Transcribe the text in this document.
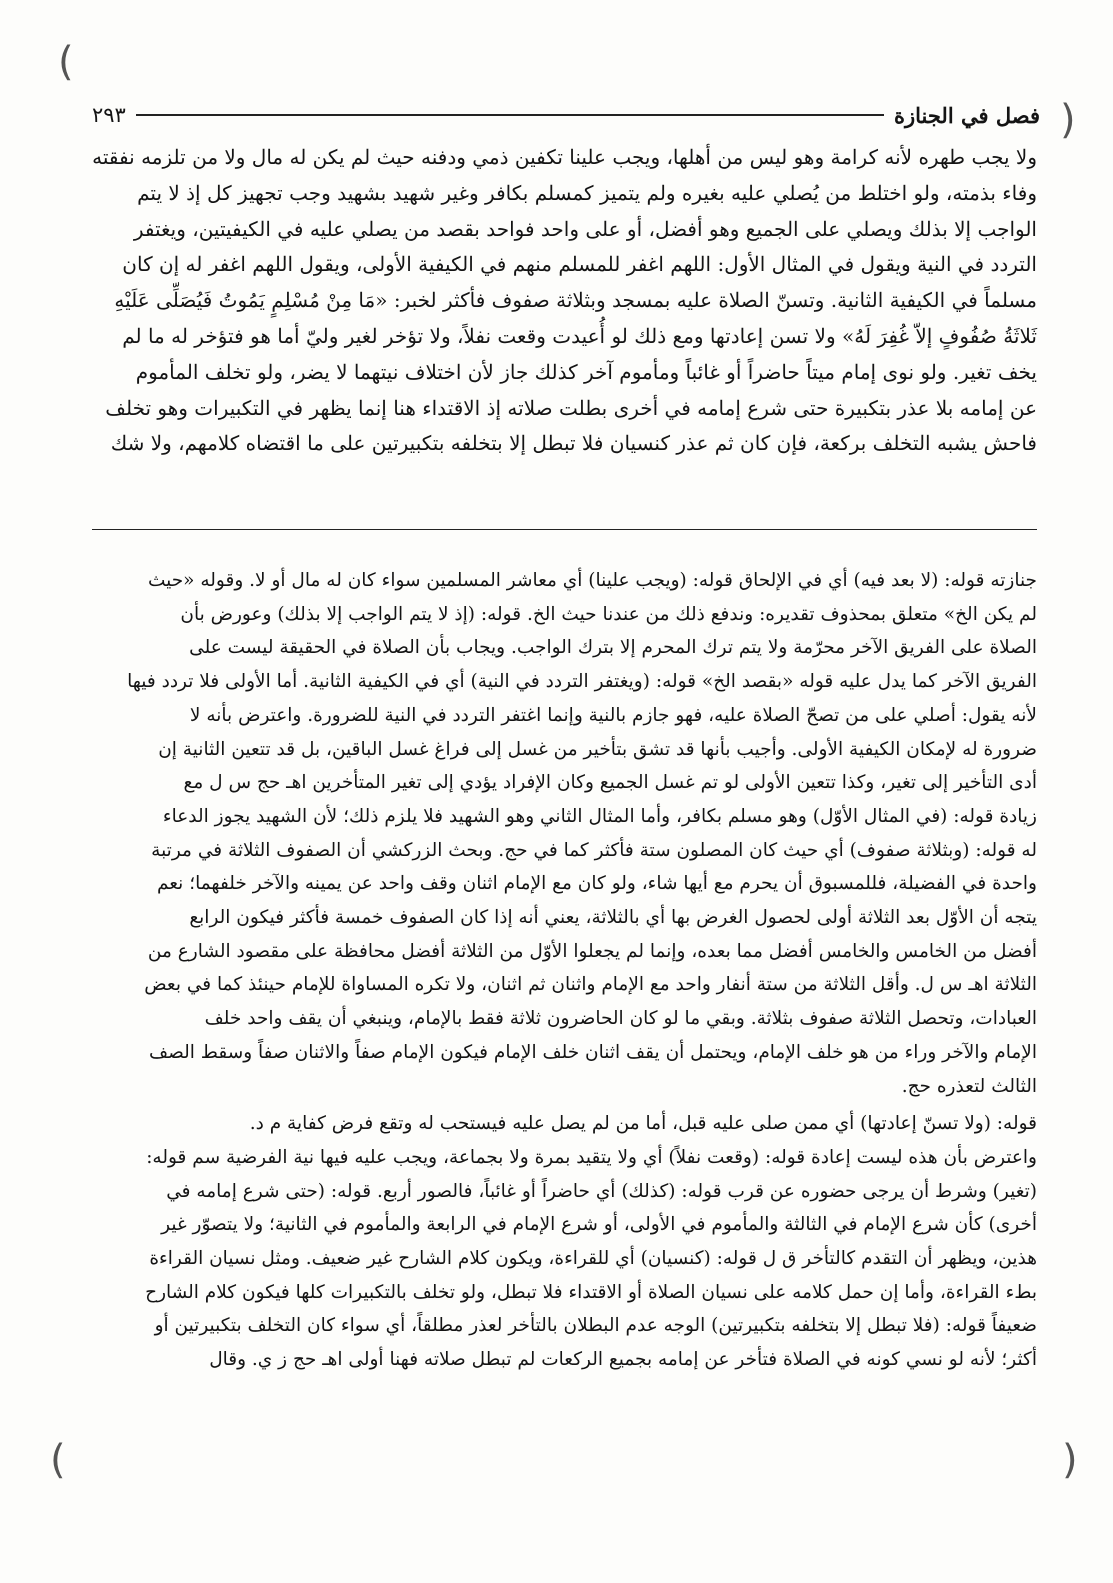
(
)
(	)
فصل في الجنازة
٢٩٣
ولا يجب طهره لأنه كرامة وهو ليس من أهلها، ويجب علينا تكفين ذمي ودفنه حيث لم يكن له مال ولا من تلزمه نفقته
وفاء بذمته، ولو اختلط من يُصلي عليه بغيره ولم يتميز كمسلم بكافر وغير شهيد بشهيد وجب تجهيز كل إذ لا يتم
الواجب إلا بذلك ويصلي على الجميع وهو أفضل، أو على واحد فواحد بقصد من يصلي عليه في الكيفيتين، ويغتفر
التردد في النية ويقول في المثال الأول: اللهم اغفر للمسلم منهم في الكيفية الأولى، ويقول اللهم اغفر له إن كان
مسلماً في الكيفية الثانية. وتسنّ الصلاة عليه بمسجد وبثلاثة صفوف فأكثر لخبر: «مَا مِنْ مُسْلِمٍ يَمُوتُ فَيُصَلِّى عَلَيْهِ
ثَلاثَةُ صُفُوفٍ إلاّ غُفِرَ لَهُ» ولا تسن إعادتها ومع ذلك لو أُعيدت وقعت نفلاً، ولا تؤخر لغير وليّ أما هو فتؤخر له ما لم
يخف تغير. ولو نوى إمام ميتاً حاضراً أو غائباً ومأموم آخر كذلك جاز لأن اختلاف نيتهما لا يضر، ولو تخلف المأموم
عن إمامه بلا عذر بتكبيرة حتى شرع إمامه في أخرى بطلت صلاته إذ الاقتداء هنا إنما يظهر في التكبيرات وهو تخلف
فاحش يشبه التخلف بركعة، فإن كان ثم عذر كنسيان فلا تبطل إلا بتخلفه بتكبيرتين على ما اقتضاه كلامهم، ولا شك
جنازته قوله: (لا بعد فيه) أي في الإلحاق قوله: (ويجب علينا) أي معاشر المسلمين سواء كان له مال أو لا. وقوله «حيث
لم يكن الخ» متعلق بمحذوف تقديره: وندفع ذلك من عندنا حيث الخ. قوله: (إذ لا يتم الواجب إلا بذلك) وعورض بأن
الصلاة على الفريق الآخر محرّمة ولا يتم ترك المحرم إلا بترك الواجب. ويجاب بأن الصلاة في الحقيقة ليست على
الفريق الآخر كما يدل عليه قوله «بقصد الخ» قوله: (ويغتفر التردد في النية) أي في الكيفية الثانية. أما الأولى فلا تردد فيها
لأنه يقول: أصلي على من تصحّ الصلاة عليه، فهو جازم بالنية وإنما اغتفر التردد في النية للضرورة. واعترض بأنه لا
ضرورة له لإمكان الكيفية الأولى. وأجيب بأنها قد تشق بتأخير من غسل إلى فراغ غسل الباقين، بل قد تتعين الثانية إن
أدى التأخير إلى تغير، وكذا تتعين الأولى لو تم غسل الجميع وكان الإفراد يؤدي إلى تغير المتأخرين اهـ حج س ل مع
زيادة قوله: (في المثال الأوّل) وهو مسلم بكافر، وأما المثال الثاني وهو الشهيد فلا يلزم ذلك؛ لأن الشهيد يجوز الدعاء
له قوله: (وبثلاثة صفوف) أي حيث كان المصلون ستة فأكثر كما في حج. وبحث الزركشي أن الصفوف الثلاثة في مرتبة
واحدة في الفضيلة، فللمسبوق أن يحرم مع أيها شاء، ولو كان مع الإمام اثنان وقف واحد عن يمينه والآخر خلفهما؛ نعم
يتجه أن الأوّل بعد الثلاثة أولى لحصول الغرض بها أي بالثلاثة، يعني أنه إذا كان الصفوف خمسة فأكثر فيكون الرابع
أفضل من الخامس والخامس أفضل مما بعده، وإنما لم يجعلوا الأوّل من الثلاثة أفضل محافظة على مقصود الشارع من
الثلاثة اهـ س ل. وأقل الثلاثة من ستة أنفار واحد مع الإمام واثنان ثم اثنان، ولا تكره المساواة للإمام حينئذ كما في بعض
العبادات، وتحصل الثلاثة صفوف بثلاثة. وبقي ما لو كان الحاضرون ثلاثة فقط بالإمام، وينبغي أن يقف واحد خلف
الإمام والآخر وراء من هو خلف الإمام، ويحتمل أن يقف اثنان خلف الإمام فيكون الإمام صفاً والاثنان صفاً وسقط الصف
الثالث لتعذره حج.
قوله: (ولا تسنّ إعادتها) أي ممن صلى عليه قبل، أما من لم يصل عليه فيستحب له وتقع فرض كفاية م د.
واعترض بأن هذه ليست إعادة قوله: (وقعت نفلاً) أي ولا يتقيد بمرة ولا بجماعة، ويجب عليه فيها نية الفرضية سم قوله:
(تغير) وشرط أن يرجى حضوره عن قرب قوله: (كذلك) أي حاضراً أو غائباً، فالصور أربع. قوله: (حتى شرع إمامه في
أخرى) كأن شرع الإمام في الثالثة والمأموم في الأولى، أو شرع الإمام في الرابعة والمأموم في الثانية؛ ولا يتصوّر غير
هذين، ويظهر أن التقدم كالتأخر ق ل قوله: (كنسيان) أي للقراءة، ويكون كلام الشارح غير ضعيف. ومثل نسيان القراءة
بطء القراءة، وأما إن حمل كلامه على نسيان الصلاة أو الاقتداء فلا تبطل، ولو تخلف بالتكبيرات كلها فيكون كلام الشارح
ضعيفاً قوله: (فلا تبطل إلا بتخلفه بتكبيرتين) الوجه عدم البطلان بالتأخر لعذر مطلقاً، أي سواء كان التخلف بتكبيرتين أو
أكثر؛ لأنه لو نسي كونه في الصلاة فتأخر عن إمامه بجميع الركعات لم تبطل صلاته فهنا أولى اهـ حج ز ي. وقال
